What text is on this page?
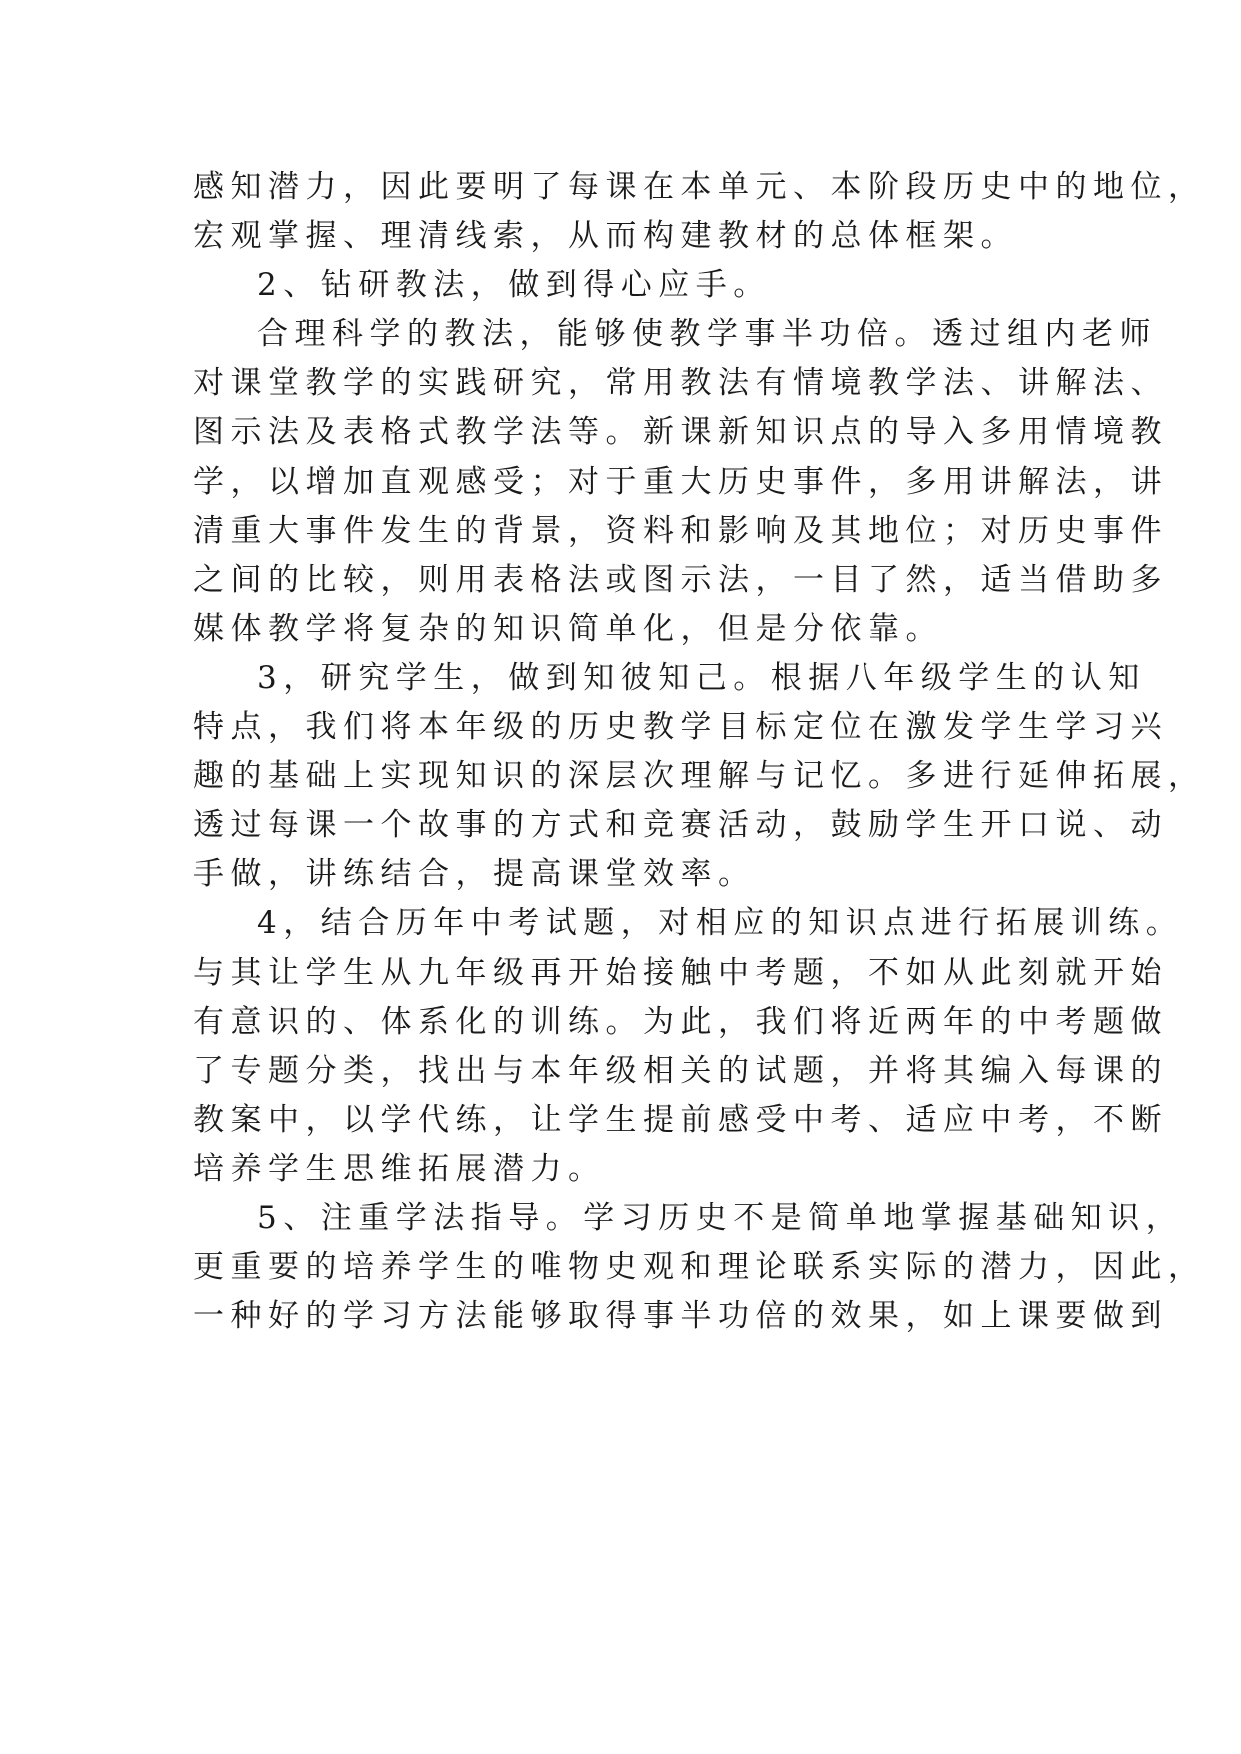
感知潜力，因此要明了每课在本单元、本阶段历史中的地位，
宏观掌握、理清线索，从而构建教材的总体框架。
2、钻研教法，做到得心应手。
合理科学的教法，能够使教学事半功倍。透过组内老师
对课堂教学的实践研究，常用教法有情境教学法、讲解法、
图示法及表格式教学法等。新课新知识点的导入多用情境教
学，以增加直观感受；对于重大历史事件，多用讲解法，讲
清重大事件发生的背景，资料和影响及其地位；对历史事件
之间的比较，则用表格法或图示法，一目了然，适当借助多
媒体教学将复杂的知识简单化，但是分依靠。
3，研究学生，做到知彼知己。根据八年级学生的认知
特点，我们将本年级的历史教学目标定位在激发学生学习兴
趣的基础上实现知识的深层次理解与记忆。多进行延伸拓展，
透过每课一个故事的方式和竞赛活动，鼓励学生开口说、动
手做，讲练结合，提高课堂效率。
4，结合历年中考试题，对相应的知识点进行拓展训练。
与其让学生从九年级再开始接触中考题，不如从此刻就开始
有意识的、体系化的训练。为此，我们将近两年的中考题做
了专题分类，找出与本年级相关的试题，并将其编入每课的
教案中，以学代练，让学生提前感受中考、适应中考，不断
培养学生思维拓展潜力。
5、注重学法指导。学习历史不是简单地掌握基础知识，
更重要的培养学生的唯物史观和理论联系实际的潜力，因此，
一种好的学习方法能够取得事半功倍的效果，如上课要做到
